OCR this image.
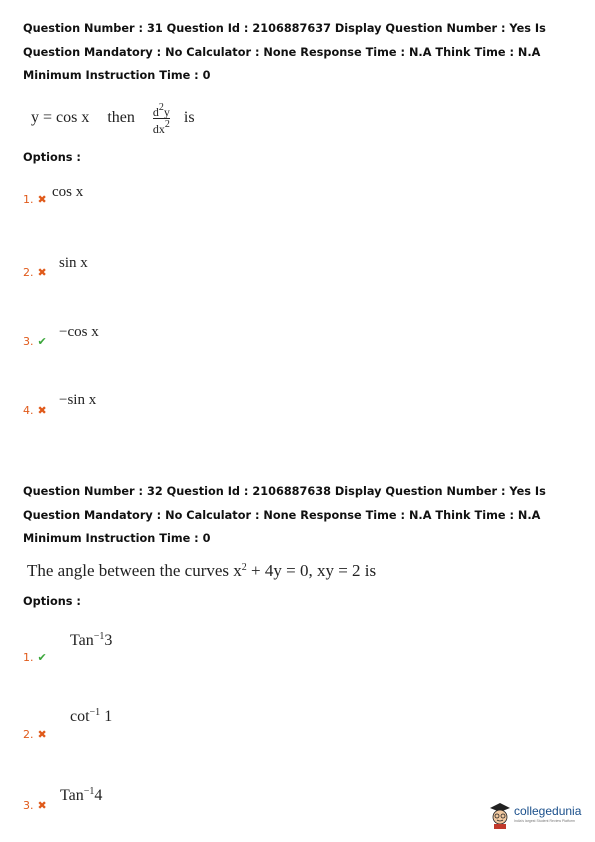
Question Number : 31 Question Id : 2106887637 Display Question Number : Yes Is Question Mandatory : No Calculator : None Response Time : N.A Think Time : N.A Minimum Instruction Time : 0
y = cos x then $\frac{d^2y}{dx^2}$ is
Options :
1. ✖ cos x
2. ✖
sin x
3. ✔
−cos x
4. ✖
−sin x
Question Number : 32 Question Id : 2106887638 Display Question Number : Yes Is Question Mandatory : No Calculator : None Response Time : N.A Think Time : N.A Minimum Instruction Time : 0
The angle between the curves $x^2 + 4y = 0$, xy = 2 is
Options :
1. ✔
Tan$^{-1}$3
2. ✖
$\cot^{-1} 1$
3. ✖
Tan$^{-1}$4
collegedunia
India's largest Student Review Platform
